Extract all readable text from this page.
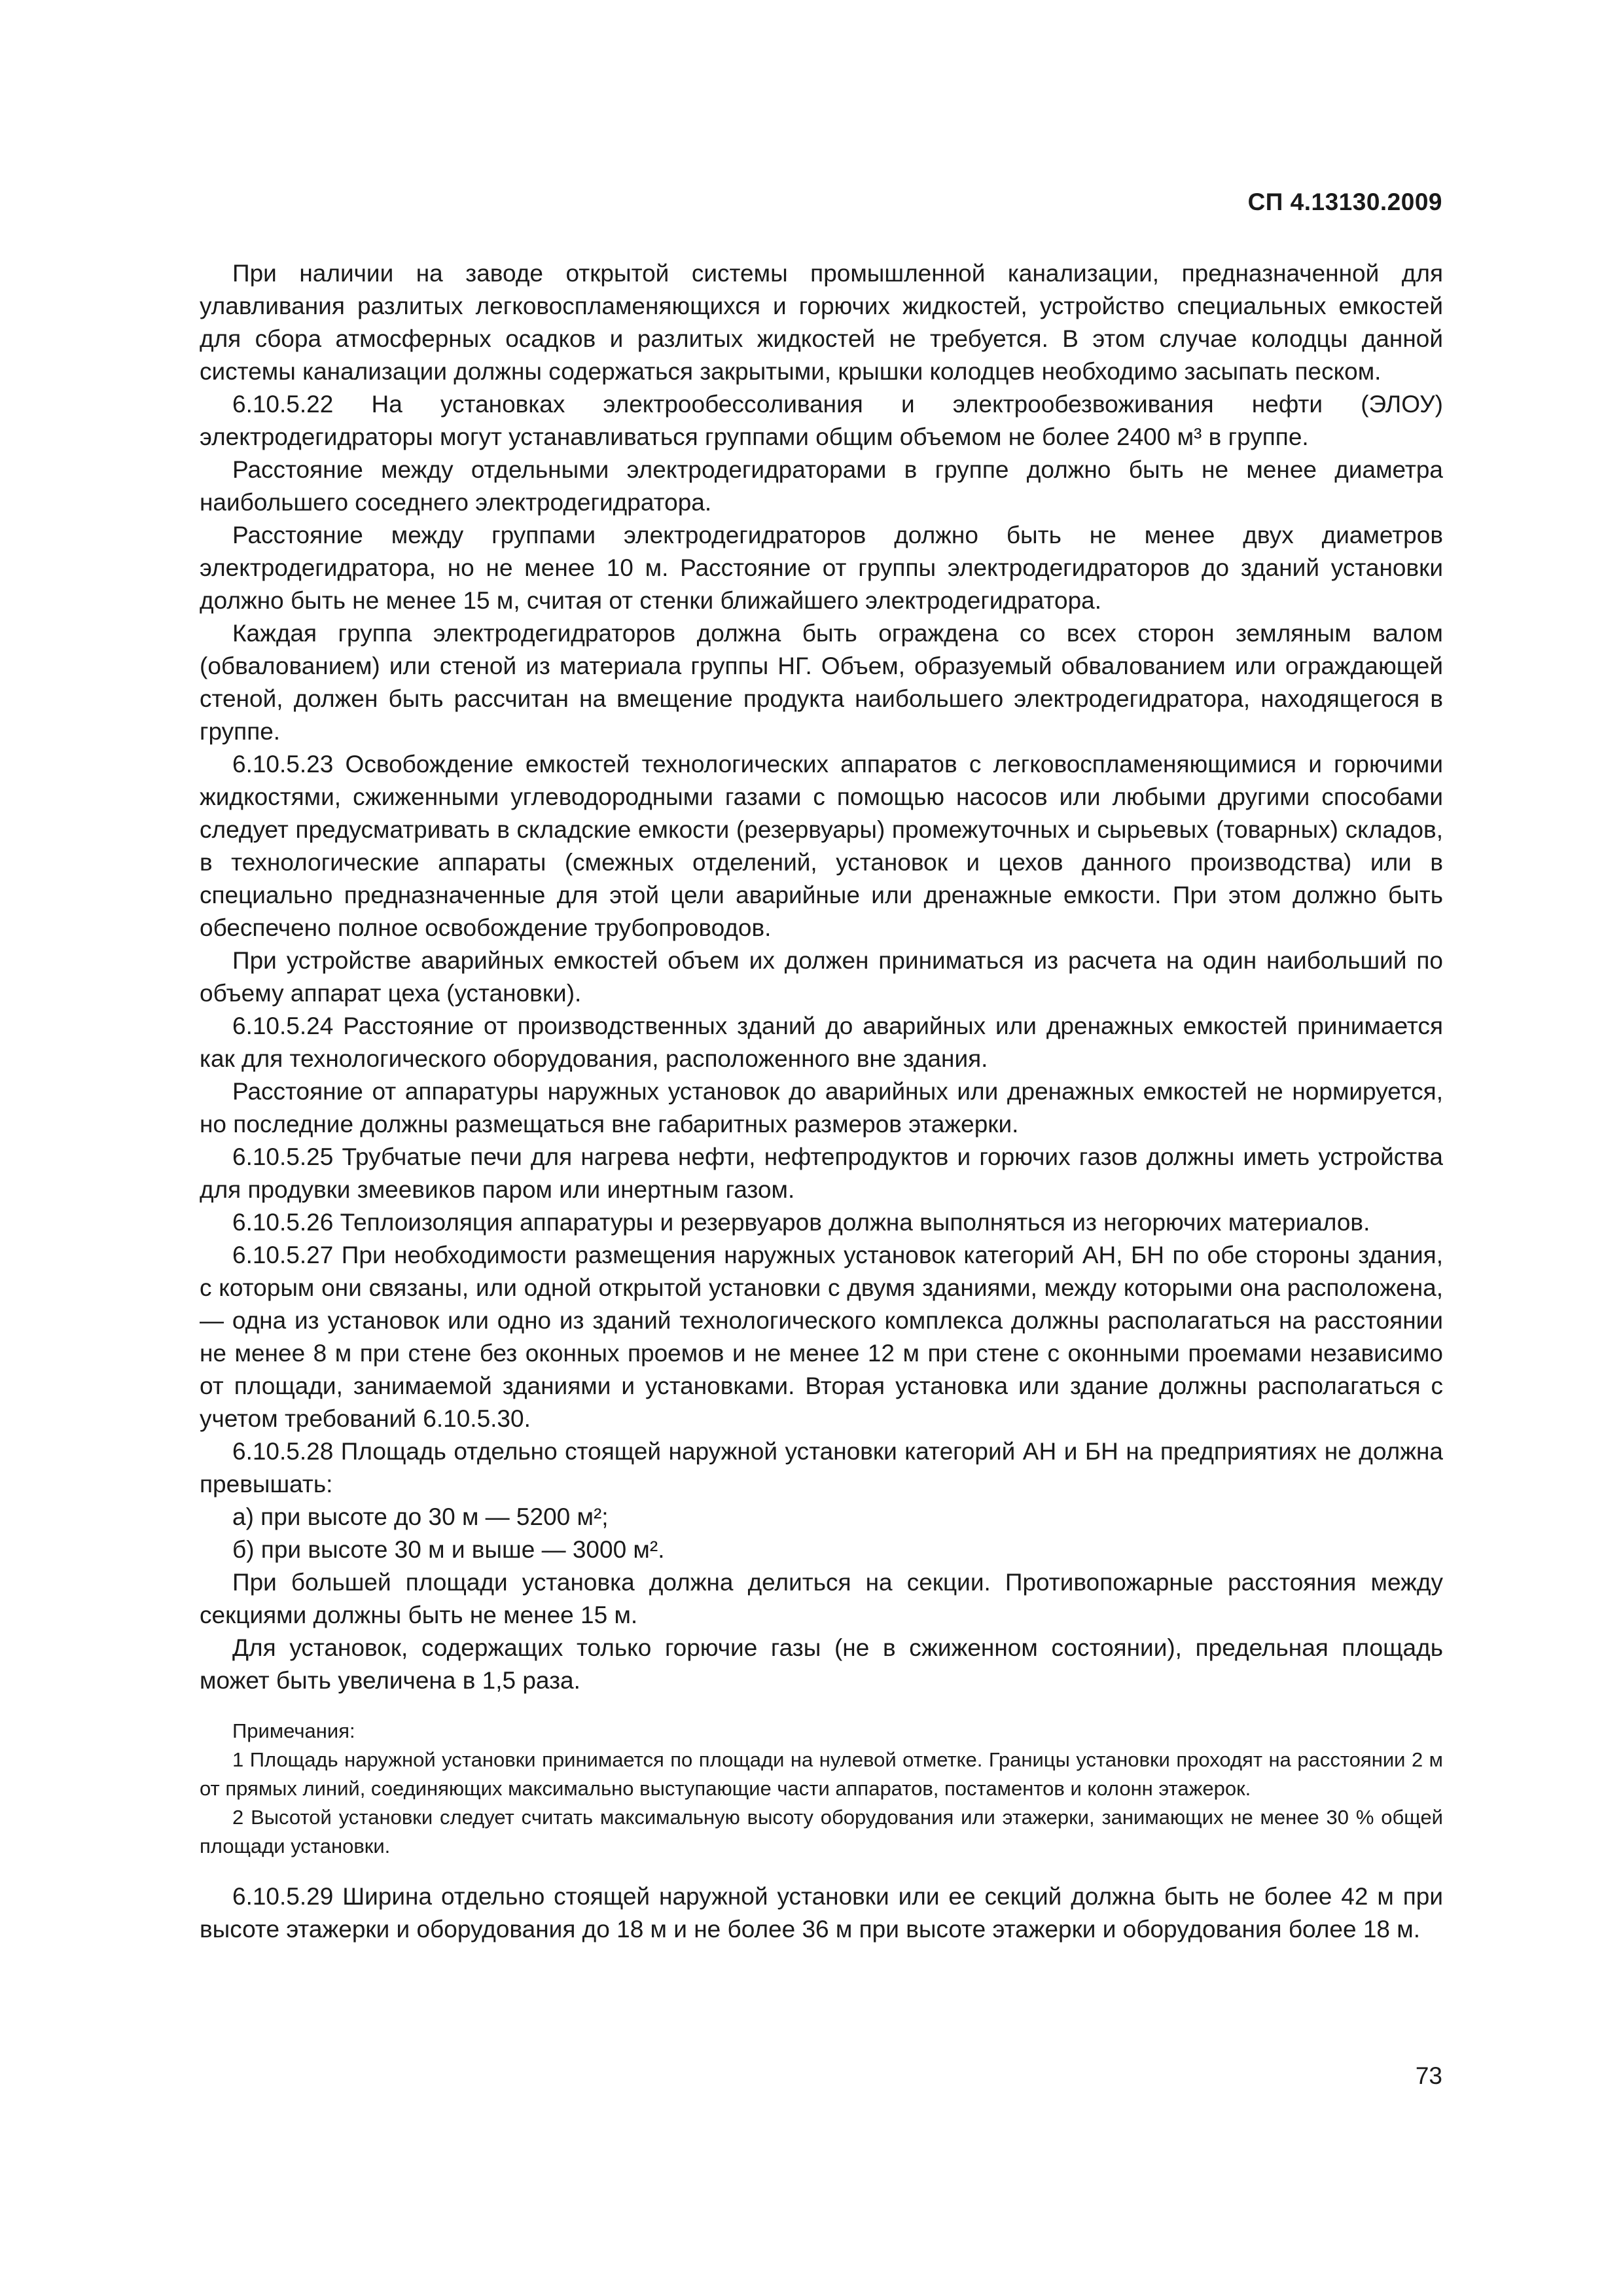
СП 4.13130.2009

При наличии на заводе открытой системы промышленной канализации, предназначенной для улавливания разлитых легковоспламеняющихся и горючих жидкостей, устройство специальных емкостей для сбора атмосферных осадков и разлитых жидкостей не требуется. В этом случае колодцы данной системы канализации должны содержаться закрытыми, крышки колодцев необходимо засыпать песком.

6.10.5.22 На установках электрообессоливания и электрообезвоживания нефти (ЭЛОУ) электродегидраторы могут устанавливаться группами общим объемом не более 2400 м³ в группе.

Расстояние между отдельными электродегидраторами в группе должно быть не менее диаметра наибольшего соседнего электродегидратора.

Расстояние между группами электродегидраторов должно быть не менее двух диаметров электродегидратора, но не менее 10 м. Расстояние от группы электродегидраторов до зданий установки должно быть не менее 15 м, считая от стенки ближайшего электродегидратора.

Каждая группа электродегидраторов должна быть ограждена со всех сторон земляным валом (обвалованием) или стеной из материала группы НГ. Объем, образуемый обвалованием или ограждающей стеной, должен быть рассчитан на вмещение продукта наибольшего электродегидратора, находящегося в группе.

6.10.5.23 Освобождение емкостей технологических аппаратов с легковоспламеняющимися и горючими жидкостями, сжиженными углеводородными газами с помощью насосов или любыми другими способами следует предусматривать в складские емкости (резервуары) промежуточных и сырьевых (товарных) складов, в технологические аппараты (смежных отделений, установок и цехов данного производства) или в специально предназначенные для этой цели аварийные или дренажные емкости. При этом должно быть обеспечено полное освобождение трубопроводов.

При устройстве аварийных емкостей объем их должен приниматься из расчета на один наибольший по объему аппарат цеха (установки).

6.10.5.24 Расстояние от производственных зданий до аварийных или дренажных емкостей принимается как для технологического оборудования, расположенного вне здания.

Расстояние от аппаратуры наружных установок до аварийных или дренажных емкостей не нормируется, но последние должны размещаться вне габаритных размеров этажерки.

6.10.5.25 Трубчатые печи для нагрева нефти, нефтепродуктов и горючих газов должны иметь устройства для продувки змеевиков паром или инертным газом.

6.10.5.26 Теплоизоляция аппаратуры и резервуаров должна выполняться из негорючих материалов.

6.10.5.27 При необходимости размещения наружных установок категорий АН, БН по обе стороны здания, с которым они связаны, или одной открытой установки с двумя зданиями, между которыми она расположена, — одна из установок или одно из зданий технологического комплекса должны располагаться на расстоянии не менее 8 м при стене без оконных проемов и не менее 12 м при стене с оконными проемами независимо от площади, занимаемой зданиями и установками. Вторая установка или здание должны располагаться с учетом требований 6.10.5.30.

6.10.5.28 Площадь отдельно стоящей наружной установки категорий АН и БН на предприятиях не должна превышать:

а) при высоте до 30 м — 5200 м²;

б) при высоте 30 м и выше — 3000 м².

При большей площади установка должна делиться на секции. Противопожарные расстояния между секциями должны быть не менее 15 м.

Для установок, содержащих только горючие газы (не в сжиженном состоянии), предельная площадь может быть увеличена в 1,5 раза.

Примечания:

1 Площадь наружной установки принимается по площади на нулевой отметке. Границы установки проходят на расстоянии 2 м от прямых линий, соединяющих максимально выступающие части аппаратов, постаментов и колонн этажерок.

2 Высотой установки следует считать максимальную высоту оборудования или этажерки, занимающих не менее 30 % общей площади установки.

6.10.5.29 Ширина отдельно стоящей наружной установки или ее секций должна быть не более 42 м при высоте этажерки и оборудования до 18 м и не более 36 м при высоте этажерки и оборудования более 18 м.

73
